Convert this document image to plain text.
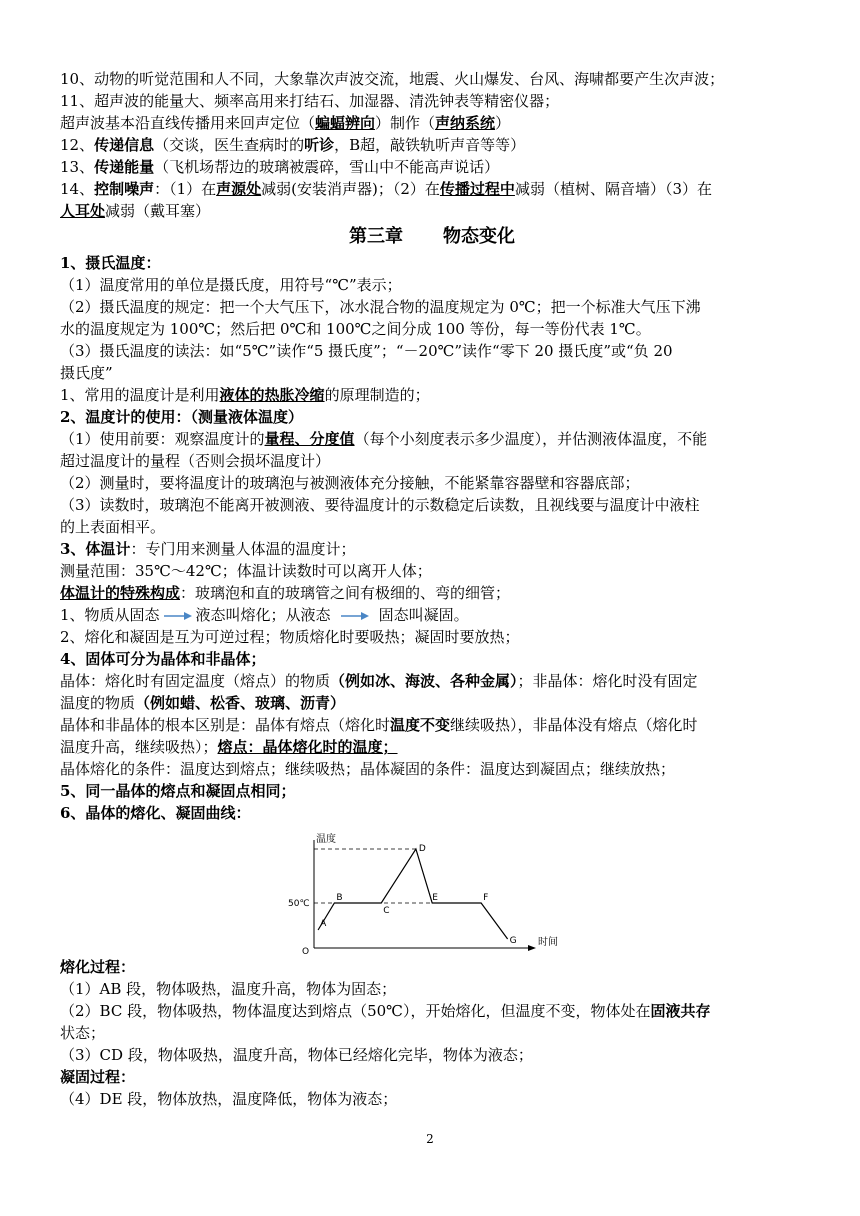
10、动物的听觉范围和人不同，大象靠次声波交流，地震、火山爆发、台风、海啸都要产生次声波；
11、超声波的能量大、频率高用来打结石、加湿器、清洗钟表等精密仪器；
超声波基本沿直线传播用来回声定位（蝙蝠辨向）制作（声纳系统）
12、传递信息（交谈，医生查病时的听诊，B超，敲铁轨听声音等等）
13、传递能量（飞机场帮边的玻璃被震碎，雪山中不能高声说话）
14、控制噪声：（1）在声源处减弱(安装消声器)；（2）在传播过程中减弱（植树、隔音墙）（3）在
人耳处减弱（戴耳塞）
第三章 物态变化
1、摄氏温度：
（1）温度常用的单位是摄氏度，用符号“℃”表示；
（2）摄氏温度的规定：把一个大气压下，冰水混合物的温度规定为 0℃；把一个标准大气压下沸
水的温度规定为 100℃；然后把 0℃和 100℃之间分成 100 等份，每一等份代表 1℃。
（3）摄氏温度的读法：如“5℃”读作“5 摄氏度”；“－20℃”读作“零下 20 摄氏度”或“负 20
摄氏度”
1、常用的温度计是利用液体的热胀冷缩的原理制造的；
2、温度计的使用：（测量液体温度）
（1）使用前要：观察温度计的量程、分度值（每个小刻度表示多少温度），并估测液体温度，不能
超过温度计的量程（否则会损坏温度计）
（2）测量时，要将温度计的玻璃泡与被测液体充分接触，不能紧靠容器壁和容器底部；
（3）读数时，玻璃泡不能离开被测液、要待温度计的示数稳定后读数，且视线要与温度计中液柱
的上表面相平。
3、体温计：专门用来测量人体温的温度计；
测量范围：35℃～42℃；体温计读数时可以离开人体；
体温计的特殊构成：玻璃泡和直的玻璃管之间有极细的、弯的细管；
1、物质从固态 液态叫熔化；从液态	固态叫凝固。
2、熔化和凝固是互为可逆过程；物质熔化时要吸热；凝固时要放热；
4、固体可分为晶体和非晶体；
晶体：熔化时有固定温度（熔点）的物质（例如冰、海波、各种金属）；非晶体：熔化时没有固定
温度的物质（例如蜡、松香、玻璃、沥青）
晶体和非晶体的根本区别是：晶体有熔点（熔化时温度不变继续吸热），非晶体没有熔点（熔化时
温度升高，继续吸热）；熔点：晶体熔化时的温度；
晶体熔化的条件：温度达到熔点；继续吸热；晶体凝固的条件：温度达到凝固点；继续放热；
5、同一晶体的熔点和凝固点相同；
6、晶体的熔化、凝固曲线：
温度
时间
O
50℃
A
B
C
D
E	F
G
熔化过程：
（1）AB 段，物体吸热，温度升高，物体为固态；
（2）BC 段，物体吸热，物体温度达到熔点（50℃），开始熔化，但温度不变，物体处在固液共存
状态；
（3）CD 段，物体吸热，温度升高，物体已经熔化完毕，物体为液态；
凝固过程：
（4）DE 段，物体放热，温度降低，物体为液态；
2
